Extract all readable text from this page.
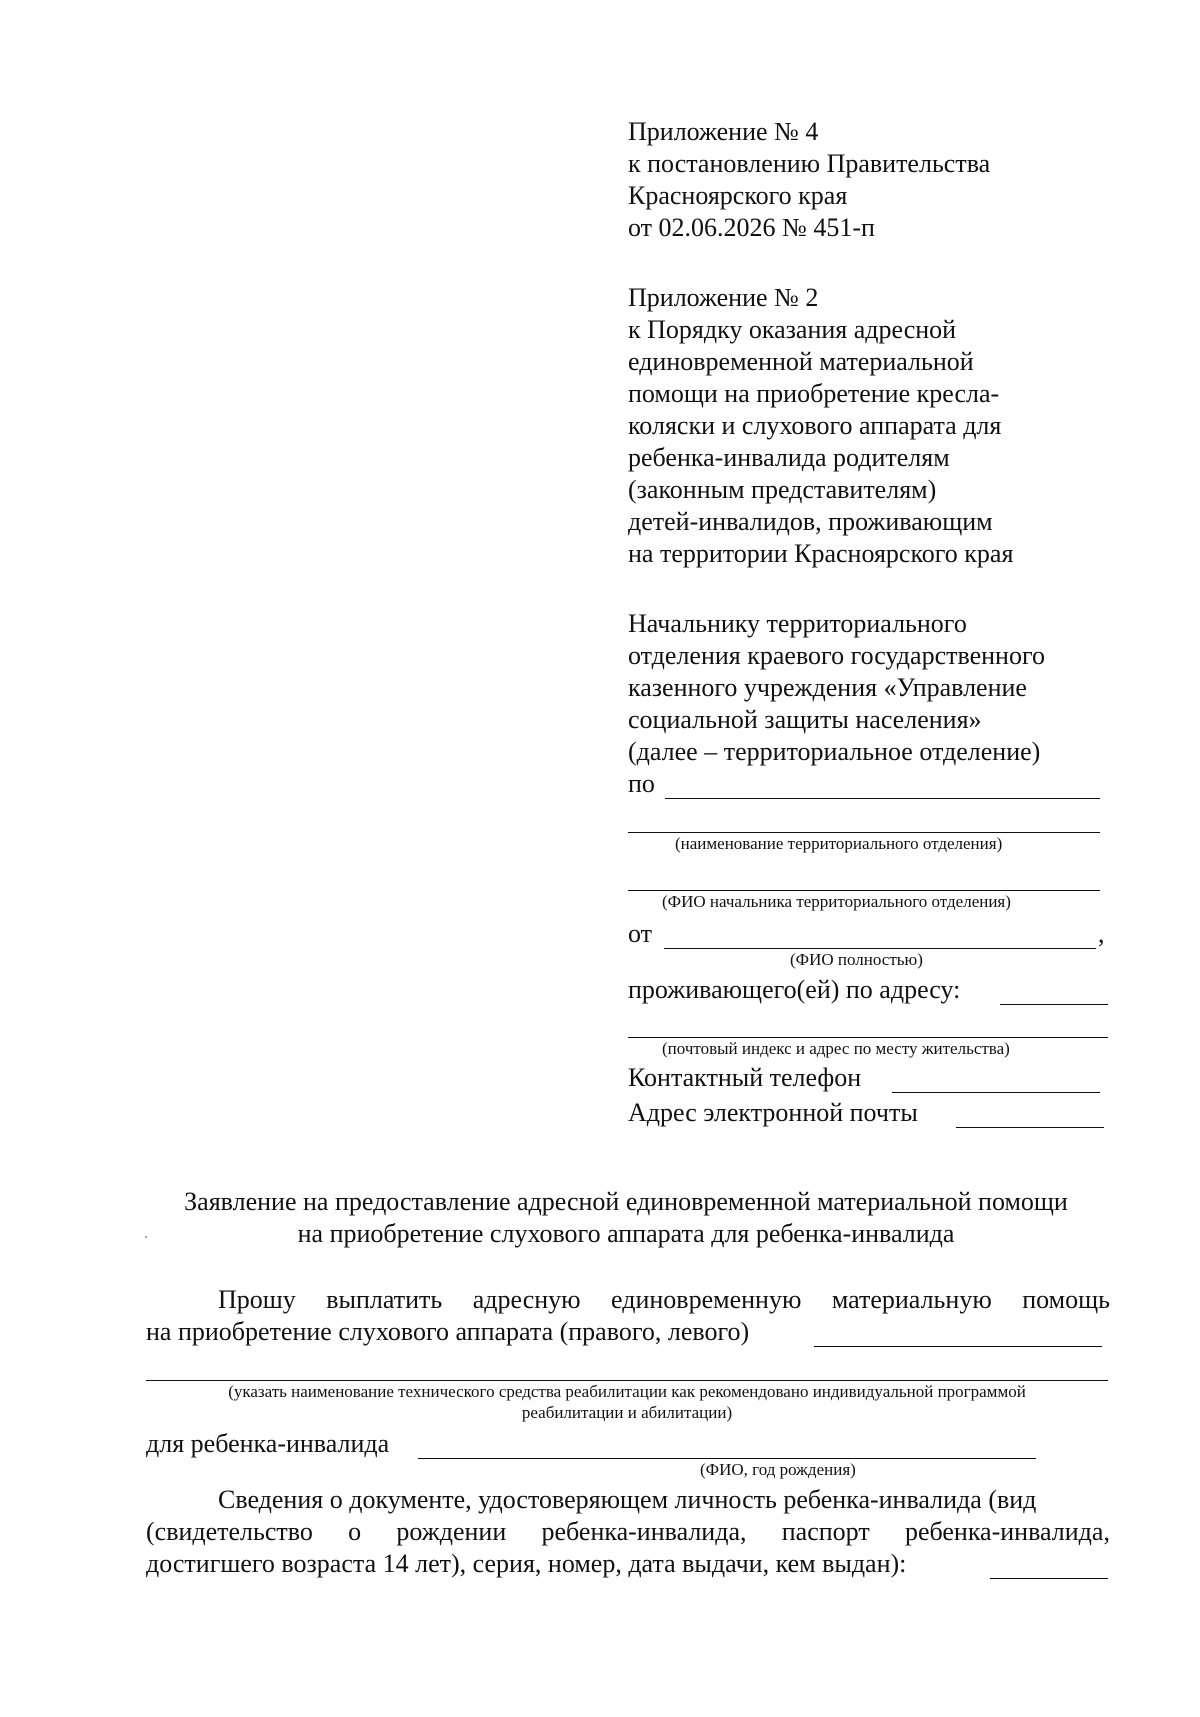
Приложение № 4
к постановлению Правительства
Красноярского края
от 02.06.2026 № 451-п
Приложение № 2
к Порядку оказания адресной
единовременной материальной
помощи на приобретение кресла-
коляски и слухового аппарата для
ребенка-инвалида родителям
(законным представителям)
детей-инвалидов, проживающим
на территории Красноярского края
Начальнику территориального
отделения краевого государственного
казенного учреждения «Управление
социальной защиты населения»
(далее – территориальное отделение)
по
(наименование территориального отделения)
(ФИО начальника территориального отделения)
от	,
(ФИО полностью)
проживающего(ей) по адресу:
(почтовый индекс и адрес по месту жительства)
Контактный телефон
Адрес электронной почты
Заявление на предоставление адресной единовременной материальной помощи
на приобретение слухового аппарата для ребенка-инвалида
Прошу выплатить адресную единовременную материальную помощь
на приобретение слухового аппарата (правого, левого)
(указать наименование технического средства реабилитации как рекомендовано индивидуальной программой
реабилитации и абилитации)
для ребенка-инвалида
(ФИО, год рождения)
Сведения о документе, удостоверяющем личность ребенка-инвалида (вид
(свидетельство о рождении ребенка-инвалида, паспорт ребенка-инвалида,
достигшего возраста 14 лет), серия, номер, дата выдачи, кем выдан):
